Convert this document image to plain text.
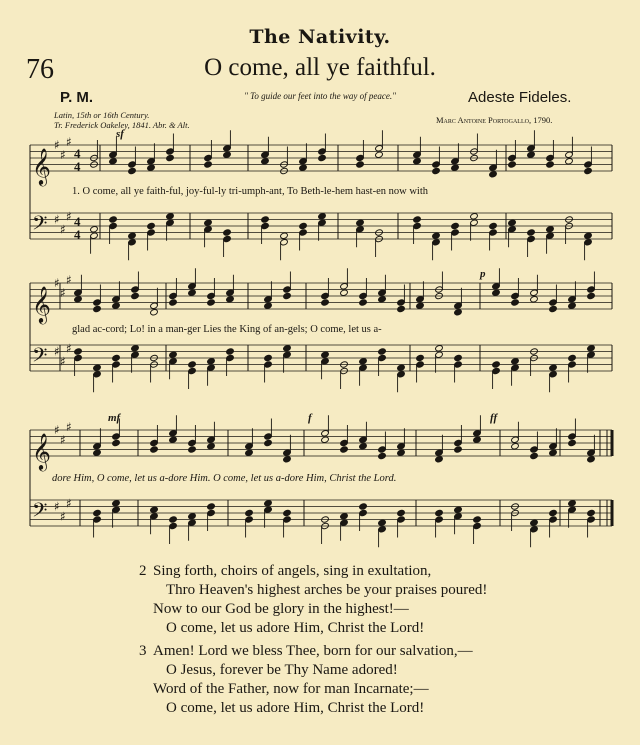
The Nativity.
76	O come, all ye faithful.
P. M.	" To guide our feet into the way of peace."	Adeste Fideles.
Latin, 15th or 16th Century.
Tr. Frederick Oakeley, 1841. Abr. & Alt.	Marc Antoine Portogallo, 1790.
𝄞
♯
♯
♯
4
4
𝄢 ♯
♯
♯ 4
4
𝄞
♯
♯
♯
𝄢 ♯
♯
♯
𝄞
♯
♯
♯
𝄢 ♯
♯
♯
1. O come, all ye faith-ful, joy-ful-ly tri-umph-ant, To Beth-le-hem hast-en now with
glad ac-cord; Lo! in a man-ger Lies the King of an-gels; O come, let us a-
dore Him, O come, let us a-dore Him. O come, let us a-dore Him, Christ the Lord.
sf
p
mf	f	ff
2 Sing forth, choirs of angels, sing in exultation,
Thro Heaven's highest arches be your praises poured!
Now to our God be glory in the highest!—
O come, let us adore Him, Christ the Lord!
3 Amen! Lord we bless Thee, born for our salvation,—
O Jesus, forever be Thy Name adored!
Word of the Father, now for man Incarnate;—
O come, let us adore Him, Christ the Lord!
